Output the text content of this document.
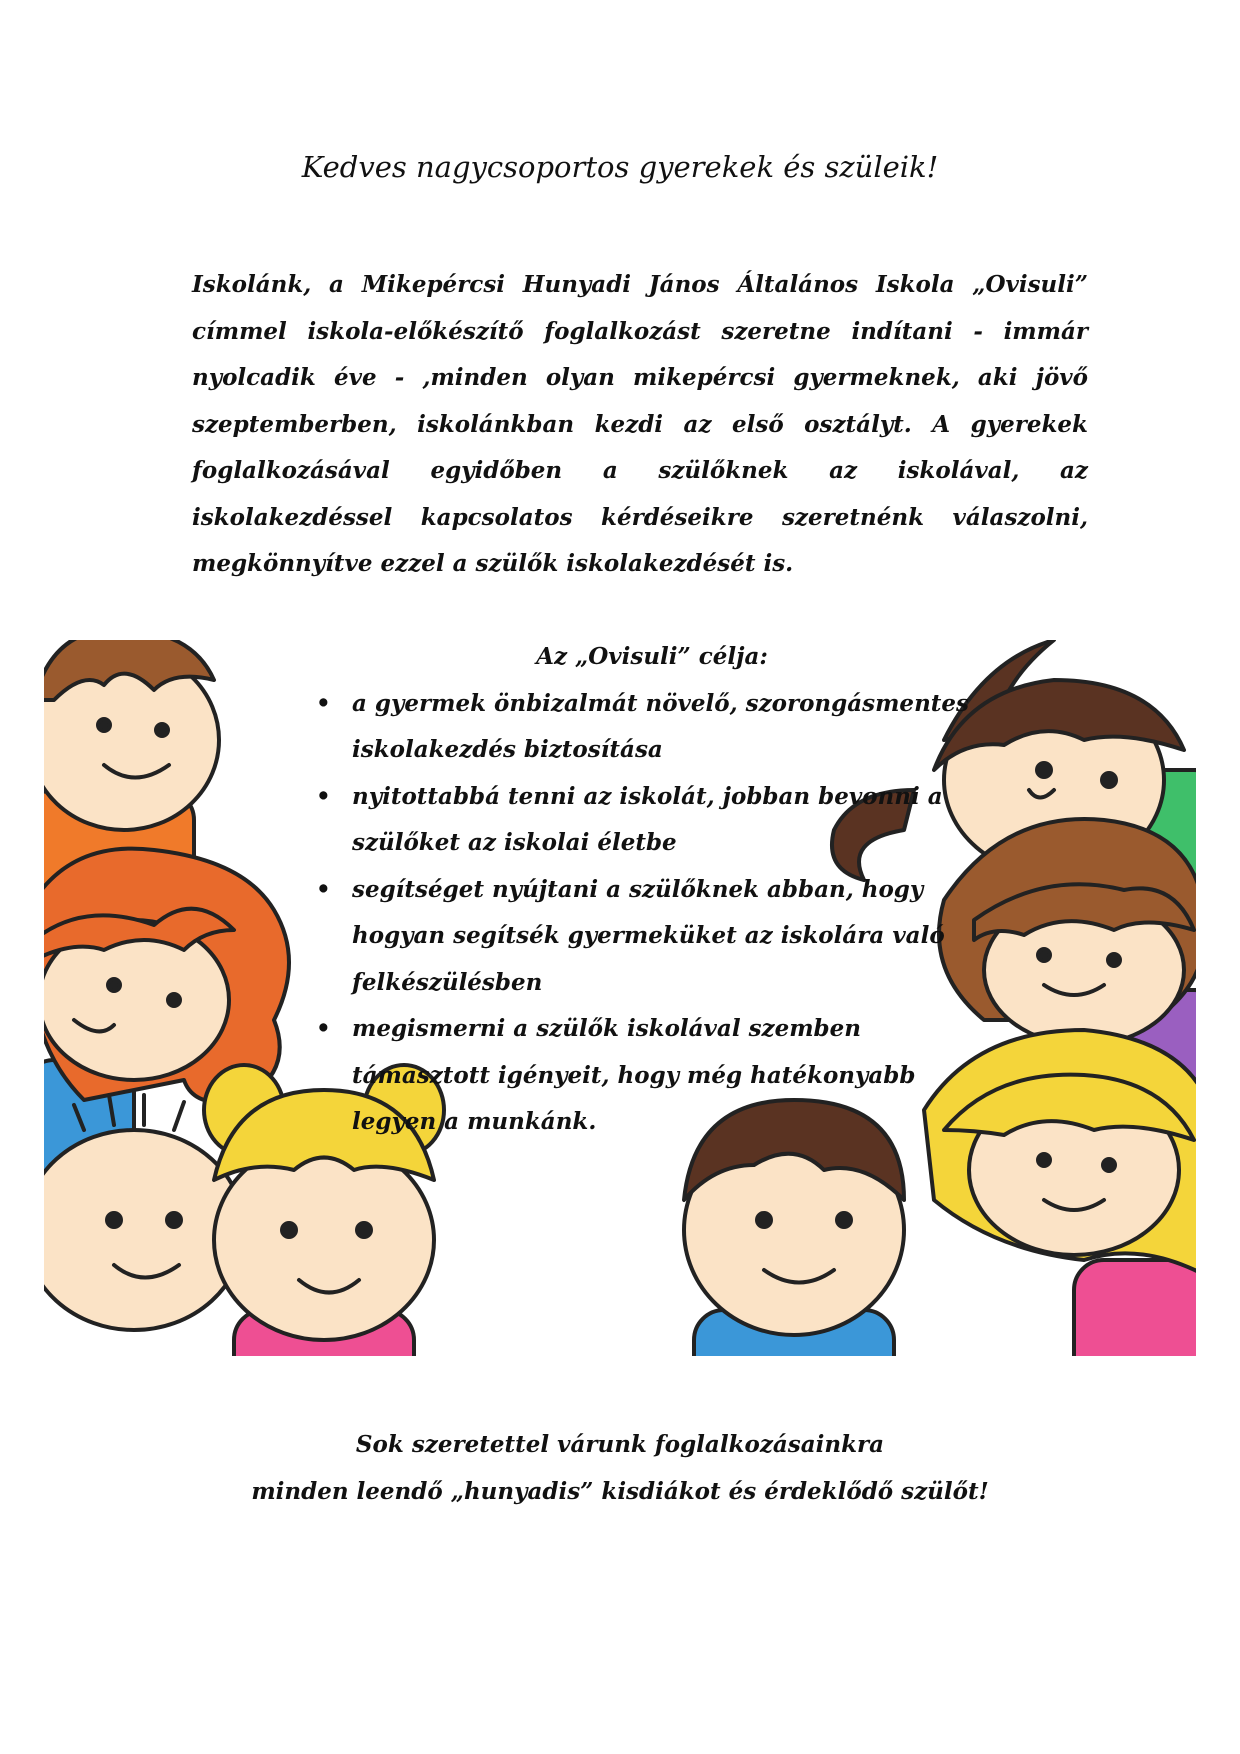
Kedves nagycsoportos gyerekek és szüleik!
Iskolánk, a Mikepércsi Hunyadi János Általános Iskola „Ovisuli” címmel iskola-előkészítő foglalkozást szeretne indítani - immár nyolcadik éve - ,minden olyan mikepércsi gyermeknek, aki jövő szeptemberben, iskolánkban kezdi az első osztályt. A gyerekek foglalkozásával egyidőben a szülőknek az iskolával, az iskolakezdéssel kapcsolatos kérdéseikre szeretnénk válaszolni, megkönnyítve ezzel a szülők iskolakezdését is.
Az „Ovisuli” célja:
• a gyermek önbizalmát növelő, szorongásmentes iskolakezdés biztosítása
• nyitottabbá tenni az iskolát, jobban bevonni a szülőket az iskolai életbe
• segítséget nyújtani a szülőknek abban, hogy hogyan segítsék gyermeküket az iskolára való felkészülésben
• megismerni a szülők iskolával szemben támasztott igényeit, hogy még hatékonyabb legyen a munkánk.
Sok szeretettel várunk foglalkozásainkra
minden leendő „hunyadis” kisdiákot és érdeklődő szülőt!
